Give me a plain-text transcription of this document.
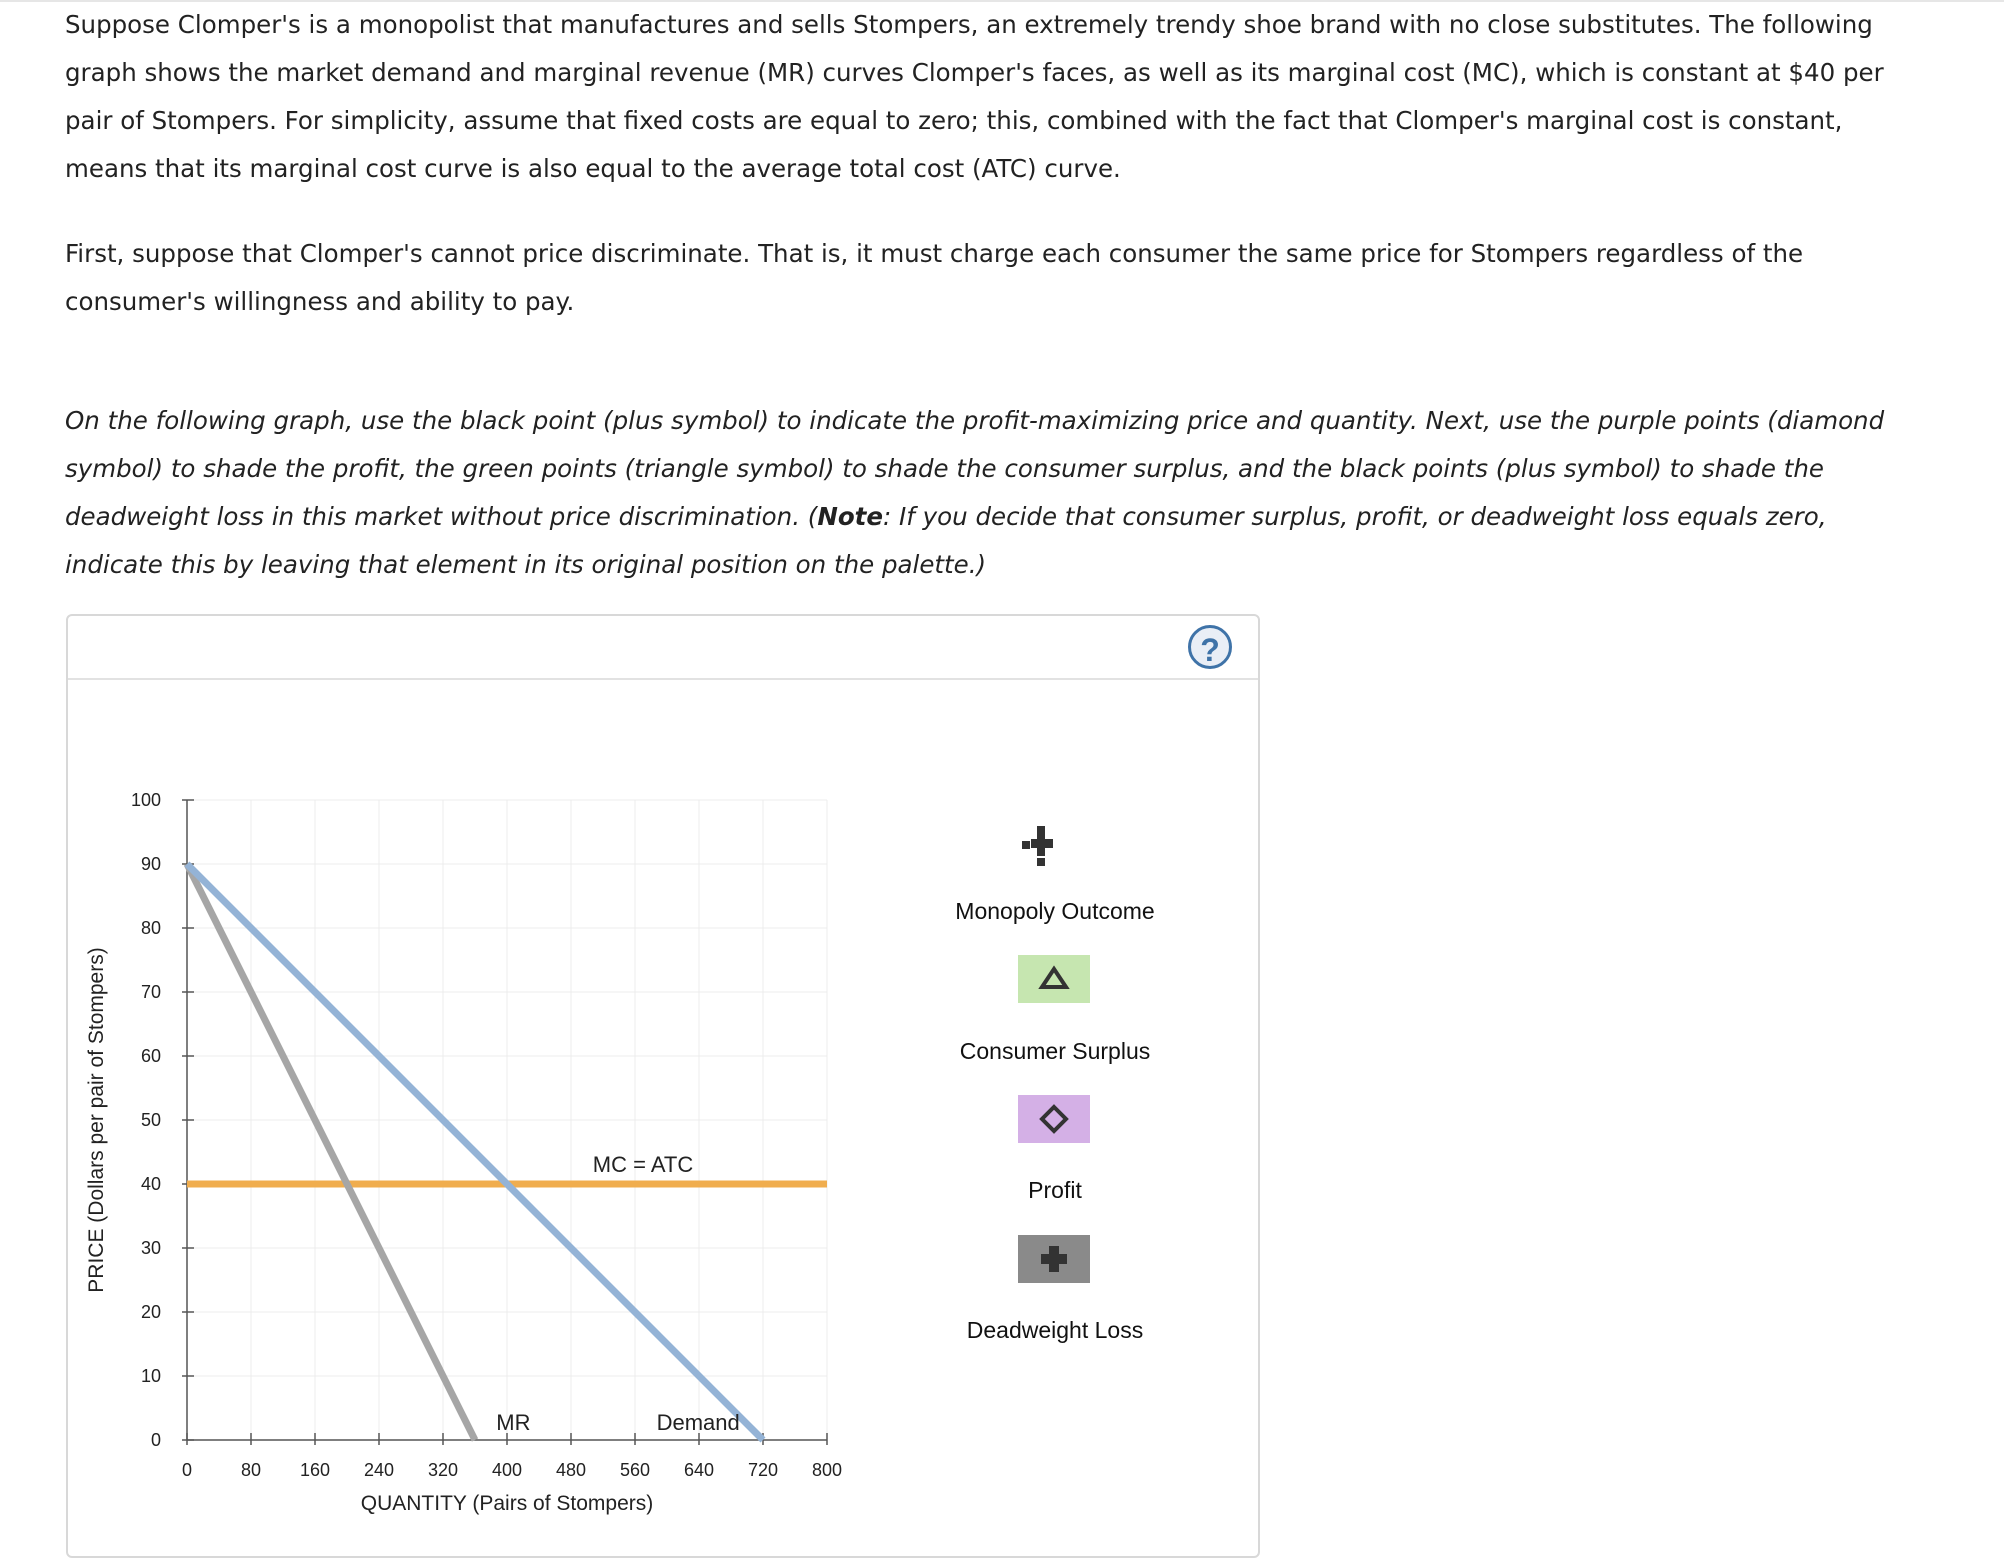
Suppose Clomper's is a monopolist that manufactures and sells Stompers, an extremely trendy shoe brand with no close substitutes. The following graph shows the market demand and marginal revenue (MR) curves Clomper's faces, as well as its marginal cost (MC), which is constant at $40 per pair of Stompers. For simplicity, assume that fixed costs are equal to zero; this, combined with the fact that Clomper's marginal cost is constant, means that its marginal cost curve is also equal to the average total cost (ATC) curve.

First, suppose that Clomper's cannot price discriminate. That is, it must charge each consumer the same price for Stompers regardless of the consumer's willingness and ability to pay.

On the following graph, use the black point (plus symbol) to indicate the profit-maximizing price and quantity. Next, use the purple points (diamond symbol) to shade the profit, the green points (triangle symbol) to shade the consumer surplus, and the black points (plus symbol) to shade the deadweight loss in this market without price discrimination. (Note: If you decide that consumer surplus, profit, or deadweight loss equals zero, indicate this by leaving that element in its original position on the palette.)

?
0
10
20
30
40
50
60
70
80
90
100
0	80 160 240 320 400 480 560 640 720 800
QUANTITY (Pairs of Stompers)
PRICE (Dollars per pair of Stompers)
Demand
MR
MC = ATC
Monopoly Outcome
Consumer Surplus
Profit
Deadweight Loss
